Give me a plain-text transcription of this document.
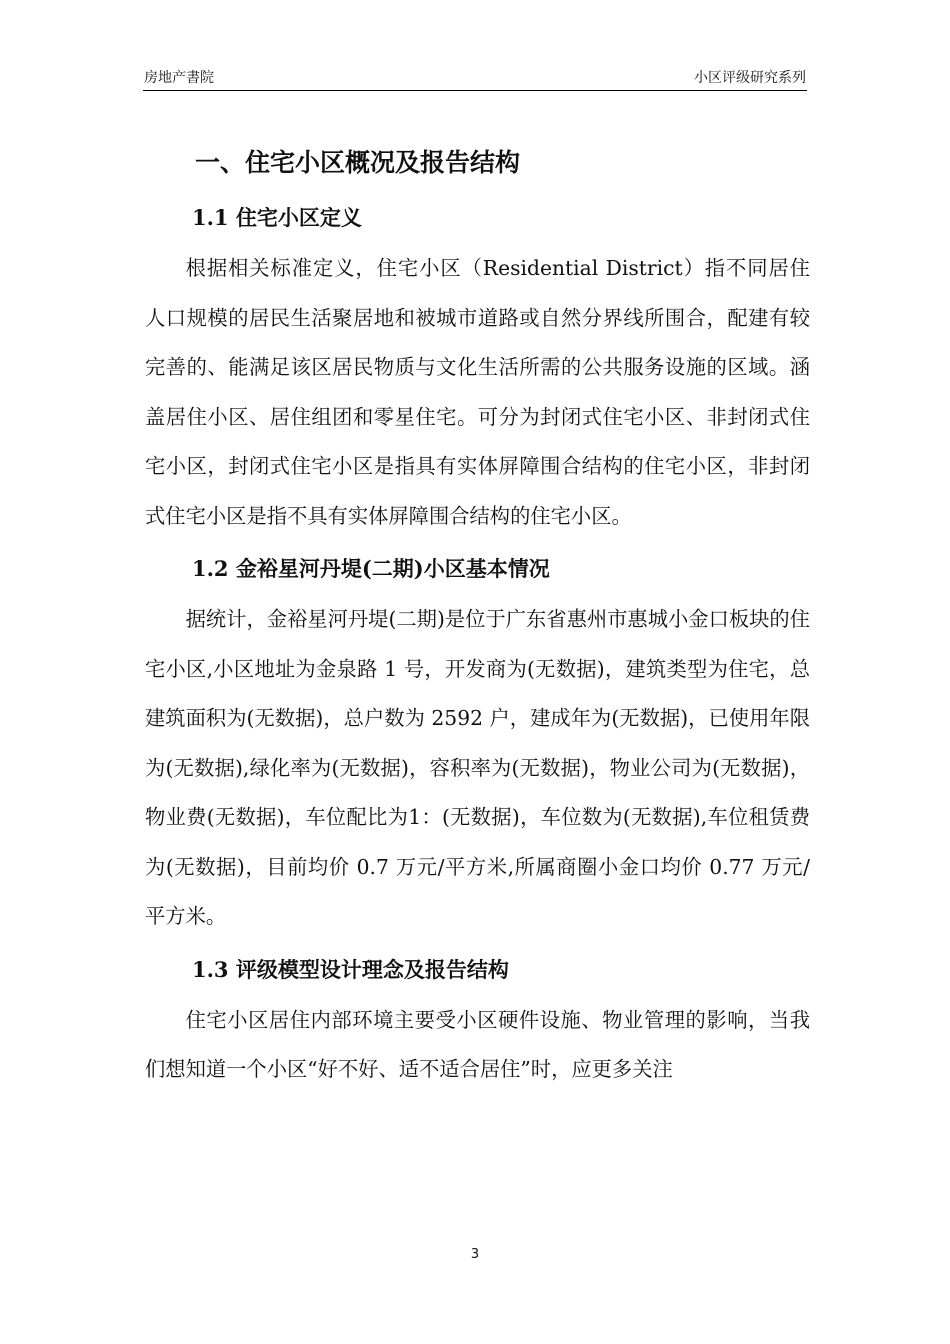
房地产書院	小区评级研究系列
一、住宅小区概况及报告结构
1.1 住宅小区定义

根据相关标准定义，住宅小区（Residential District）指不同居住人口规模的居民生活聚居地和被城市道路或自然分界线所围合，配建有较完善的、能满足该区居民物质与文化生活所需的公共服务设施的区域。涵盖居住小区、居住组团和零星住宅。可分为封闭式住宅小区、非封闭式住宅小区，封闭式住宅小区是指具有实体屏障围合结构的住宅小区，非封闭式住宅小区是指不具有实体屏障围合结构的住宅小区。

1.2 金裕星河丹堤(二期)小区基本情况

据统计，金裕星河丹堤(二期)是位于广东省惠州市惠城小金口板块的住宅小区,小区地址为金泉路 1 号，开发商为(无数据)，建筑类型为住宅，总建筑面积为(无数据)，总户数为 2592 户，建成年为(无数据)，已使用年限为(无数据),绿化率为(无数据)，容积率为(无数据)，物业公司为(无数据)，物业费(无数据)，车位配比为1：(无数据)，车位数为(无数据),车位租赁费为(无数据)，目前均价 0.7 万元/平方米,所属商圈小金口均价 0.77 万元/平方米。

1.3 评级模型设计理念及报告结构

住宅小区居住内部环境主要受小区硬件设施、物业管理的影响，当我们想知道一个小区“好不好、适不适合居住”时，应更多关注

3
